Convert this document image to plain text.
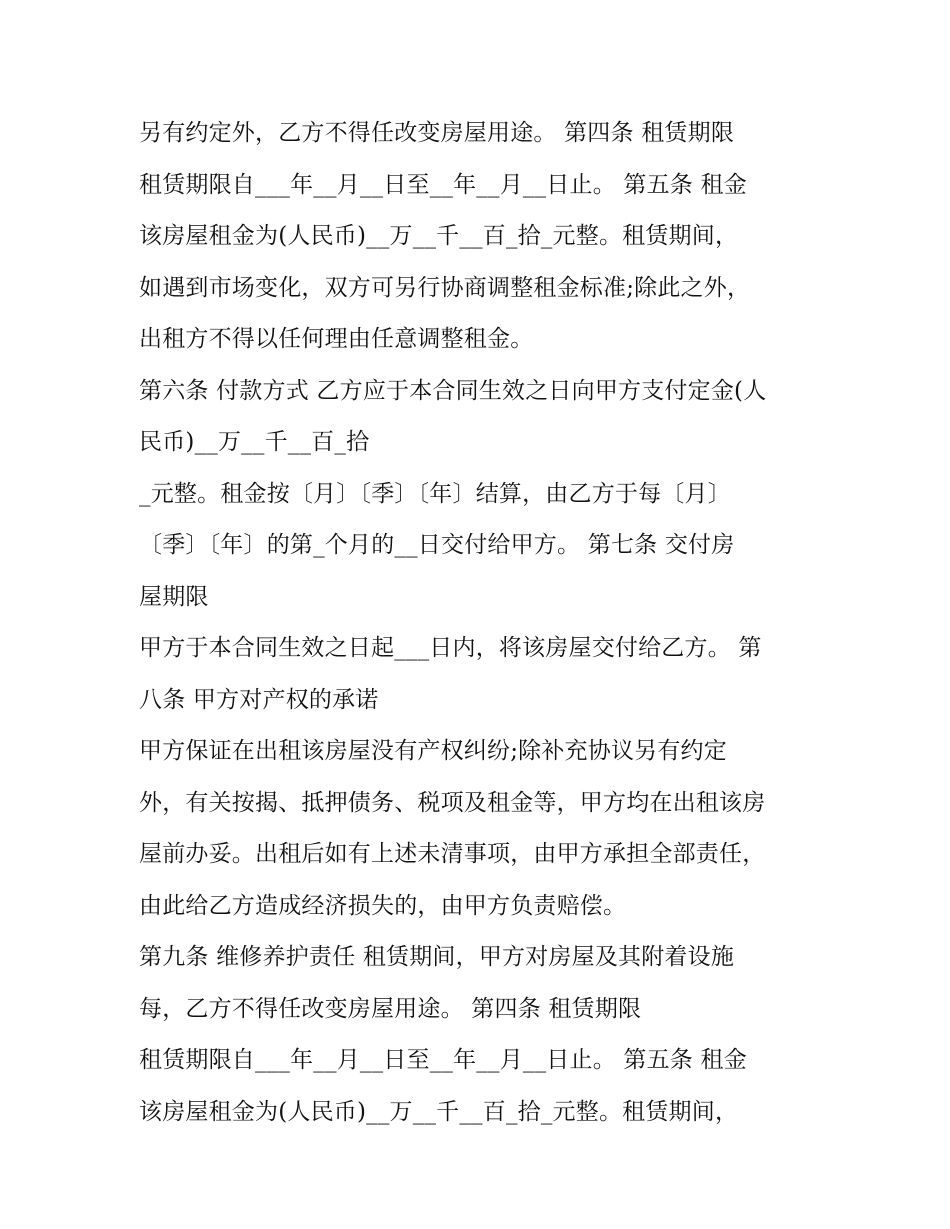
另有约定外，乙方不得任改变房屋用途。 第四条 租赁期限
租赁期限自___年__月__日至__年__月__日止。 第五条 租金
该房屋租金为(人民币)__万__千__百_拾_元整。租赁期间，
如遇到市场变化，双方可另行协商调整租金标准;除此之外，
出租方不得以任何理由任意调整租金。
第六条 付款方式 乙方应于本合同生效之日向甲方支付定金(人
民币)__万__千__百_拾
_元整。租金按〔月〕〔季〕〔年〕结算，由乙方于每〔月〕
〔季〕〔年〕的第_个月的__日交付给甲方。 第七条 交付房
屋期限
甲方于本合同生效之日起___日内，将该房屋交付给乙方。 第
八条 甲方对产权的承诺
甲方保证在出租该房屋没有产权纠纷;除补充协议另有约定
外，有关按揭、抵押债务、税项及租金等，甲方均在出租该房
屋前办妥。出租后如有上述未清事项，由甲方承担全部责任，
由此给乙方造成经济损失的，由甲方负责赔偿。
第九条 维修养护责任 租赁期间，甲方对房屋及其附着设施
每，乙方不得任改变房屋用途。 第四条 租赁期限
租赁期限自___年__月__日至__年__月__日止。 第五条 租金
该房屋租金为(人民币)__万__千__百_拾_元整。租赁期间，
